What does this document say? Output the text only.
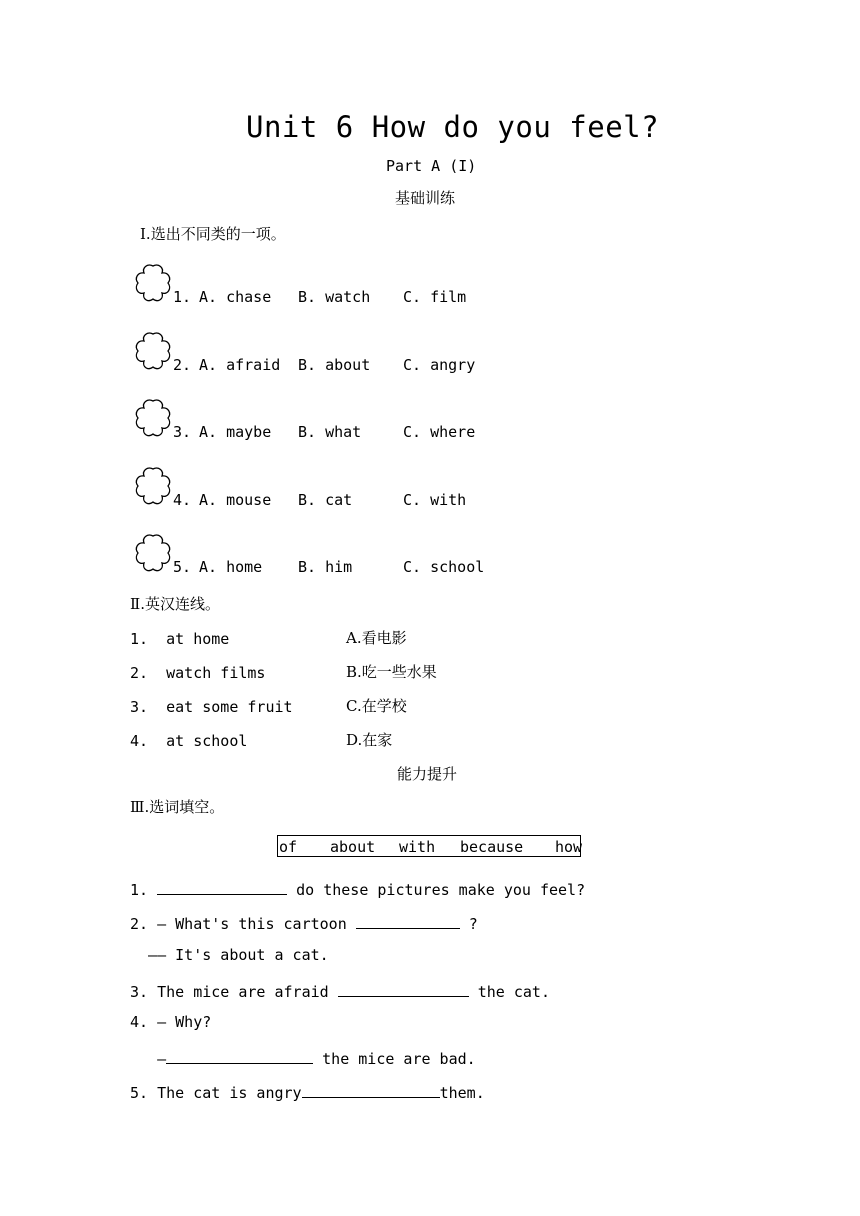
Unit 6 How do you feel?
Part A (I)
基础训练
Ⅰ.选出不同类的一项。
1. A. chase B. watch C. film
2. A. afraid B. about C. angry
3. A. maybe B. what	C. where
4. A. mouse B. cat	C. with
5. A. home B. him	C. school
Ⅱ.英汉连线。
1.  at home	A.看电影
2.  watch films	B.吃一些水果
3.  eat some fruit	C.在学校
4.  at school	D.在家
能力提升
Ⅲ.选词填空。
of about with because how
1.	do these pictures make you feel?
2. — What's this cartoon	?
—— It's about a cat.
3. The mice are afraid	the cat.
4. — Why?
—	the mice are bad.
5. The cat is angry	them.
